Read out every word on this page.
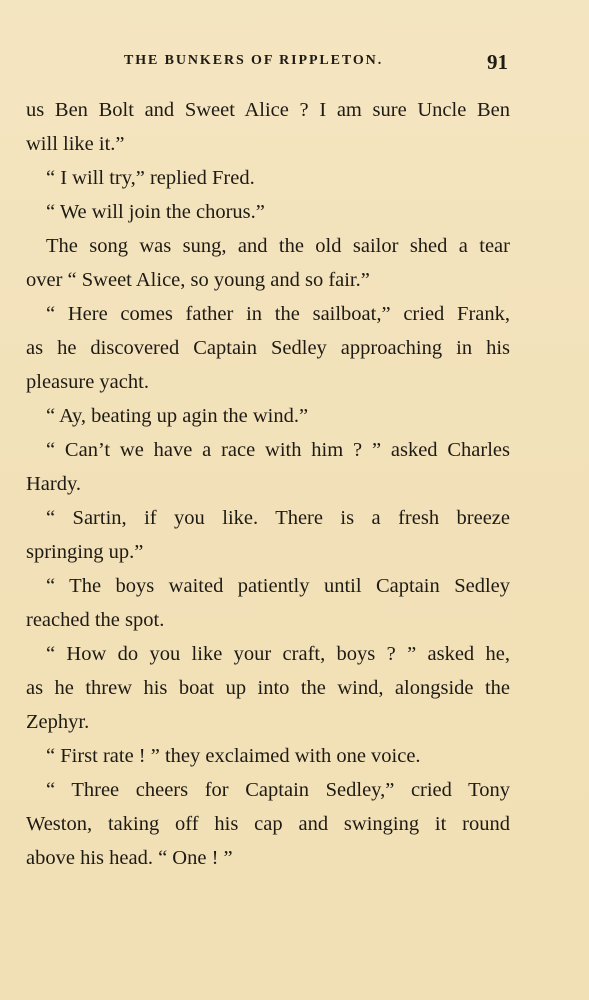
THE BUNKERS OF RIPPLETON.	91
us Ben Bolt and Sweet Alice ? I am sure Uncle Ben
will like it.”
“ I will try,” replied Fred.
“ We will join the chorus.”
The song was sung, and the old sailor shed a tear
over “ Sweet Alice, so young and so fair.”
“ Here comes father in the sailboat,” cried Frank,
as he discovered Captain Sedley approaching in his
pleasure yacht.
“ Ay, beating up agin the wind.”
“ Can’t we have a race with him ? ” asked Charles
Hardy.
“ Sartin, if you like. There is a fresh breeze
springing up.”
“ The boys waited patiently until Captain Sedley
reached the spot.
“ How do you like your craft, boys ? ” asked he,
as he threw his boat up into the wind, alongside the
Zephyr.
“ First rate ! ” they exclaimed with one voice.
“ Three cheers for Captain Sedley,” cried Tony
Weston, taking off his cap and swinging it round
above his head. “ One ! ”
